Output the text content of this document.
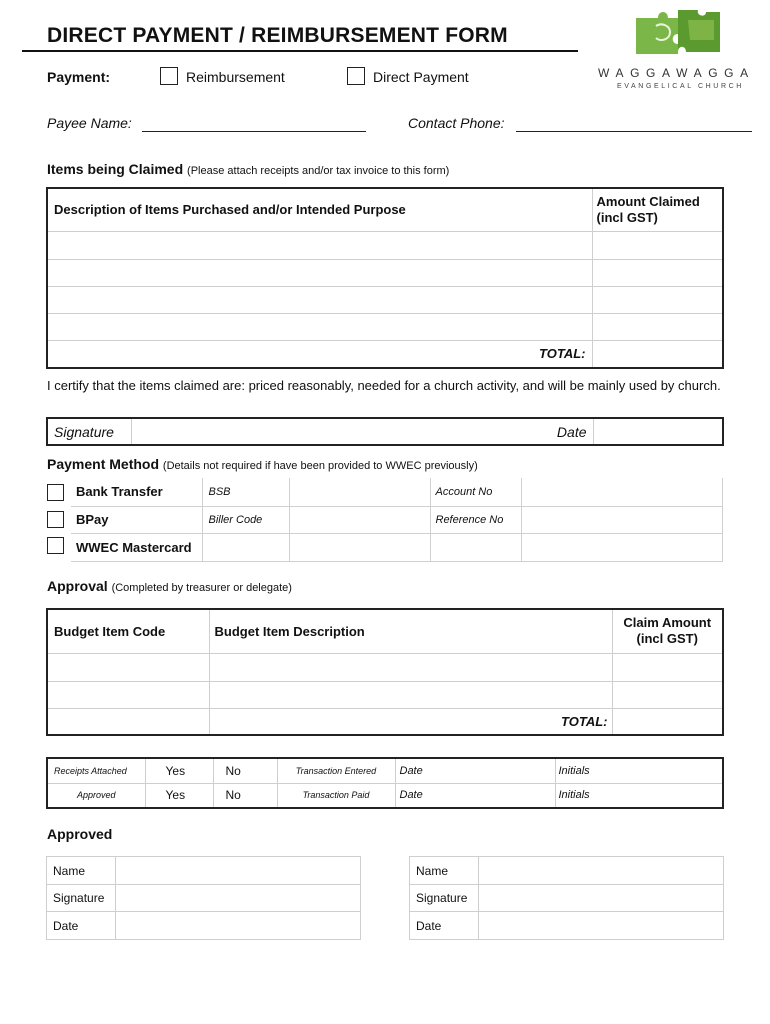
DIRECT PAYMENT / REIMBURSEMENT FORM
WAGGAWAGGA
EVANGELICAL CHURCH
Payment:	Reimbursement	Direct Payment
Payee Name:	Contact Phone:
Items being Claimed (Please attach receipts and/or tax invoice to this form)
Description of Items Purchased and/or Intended Purpose	Amount Claimed
(incl GST)

TOTAL:	
I certify that the items claimed are: priced reasonably, needed for a church activity, and will be mainly used by church.
Signature	Date	
Payment Method (Details not required if have been provided to WWEC previously)
Bank Transfer	BSB		Account No	
BPay	Biller Code		Reference No	
WWEC Mastercard				
Approval (Completed by treasurer or delegate)
Budget Item Code	Budget Item Description	Claim Amount
(incl GST)

	TOTAL:	
Receipts Attached	Yes	No	Transaction Entered	Date	Initials
Approved	Yes	No	Transaction Paid	Date	Initials
Approved
Name	
Signature	
Date	
Name	
Signature	
Date	
